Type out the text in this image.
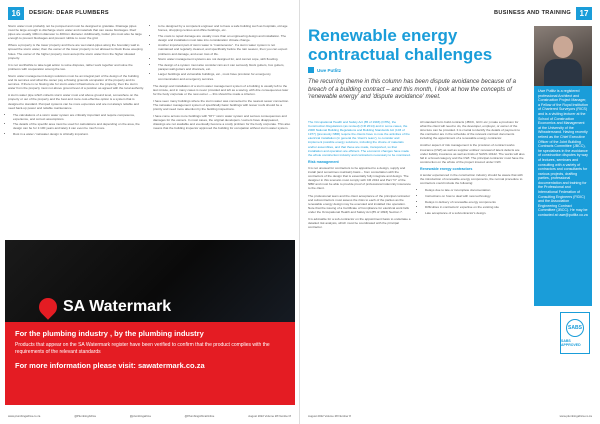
16	DESIGN: DEAR PLUMBERS

Storm water must probably not be pumped and must be designed to gravitate. Drainage pipes must be large enough to discharge storm water and materials that can cause blockages. Roof pipes are usually 100mm diameter to 400mm diameter. Additionally, Gutter pits must also be large enough to prevent blockages and prevent rubble to cover the grid.

Where a property is the lower property and there are wet stand-pipes along the boundary wall to spread the storm water, then the owner of the lower property is not allowed to block these weeping holes. The owner of the higher property must accept the storm water from the higher situated property.

It is not worthwhile to take legal action to solve disputes, rather work together and solve the problems with cooperation among the two.

Storm water management design solutions must be an integral part of the design of the building and its services and what the owner pay a flowing grounds occupation of the property and its services. If there is no flowing site for storm water infrastructure on the property, then the storm water from the property must not above ground level of a position as agreed with the local authority.

A storm water pipe which collects storm water must end above ground level, somewhere on the property or out of the property and the best and more cost-effective option is a system that is designed to standard. Pumped systems can be more expensive and are not always reliable and need back-up power and reliable maintenance.

• The calculations of a storm water system are critically important and require competence, experience, and correct assumptions.
• The details of the specific area must be used for calculations and depending on the area, the design can be for 1:100 years and lately it can even be much more.
• Rust in a water / rainwater design is critically important.
• to be designed by a competent engineer and to have a safe building such as hospitals, old age homes, shopping centres and office buildings, etc.
• The costs to repair damage are usually more than an engineering design and installation. The design and installation must take into consideration climate change.
• Another important part of storm water is "maintenance". If a storm water system is not maintained and regularly cleaned, and specifically before the rain season, then you can expect problems and damage, and even loss of life.
• Storm water management systems are not designed for, and cannot cope, with flooding.
• The design of a system must also consider rain as it can seriously block gutters, box gutters, parapet wall gutters and channels, etc.
• Larger buildings and vulnerable buildings, etc., must have provision for emergency communication and emergency services.

The design and installation of a storm water management system of a building is usually left to the last minute, and in many cases is never provided and left as a saving, with dire consequences later for the body corporate or the new owner — this should be made a criterion.

I have seen many buildings where the storm water was connected to the nearest sewer connection. The rainwater management system of specifically basic buildings with lesser roofs should be a priority and need more attention by the building inspections.

I have come across more buildings with "DIY" storm water system and serious consequences and damages for the owners. In most cases, the original developers / owners have disappeared, drawings are not available and eventually become a costly problem for the body corporate. This also means that the building inspector approved the building for occupation without storm water system.

SA Watermark
For the plumbing industry , by the plumbing industry
Products that appear on the SA Watermark register have been verified to confirm that the product complies with the requirements of the relevant standards
For more information please visit: sawatermark.co.za
www.plumbingafrica.co.za	@PlumbingAfrica	@plumbingafrica	@PlumbingAfricaOnline	August 2022 Volume 28 Number 8
BUSINESS AND TRAINING	17
Renewable energy contractual challenges
Uwe Putlitz
The recurring theme in this column has been dispute avoidance because of a breach of a building contract – and this month, I look at how the concepts of 'renewable energy' and 'dispute avoidance' meet.

The Occupational Health and Safety Act (85 of 1993) (OHS), the Construction Regulations (as revised) (CR 2014) and in some cases, the 2008 National Building Regulations and Building Standards Act (103 of 1977) (previously NBR) require the clients have to note the activities of the electrical installation (in general the 'client's team'), to consider and implement possible energy solutions, including the choice of materials and/or assemblies, and that these are made, transported, so that installation and operation are efficient. The economic changes have made the whole construction industry and contractors necessary to be monitored.

Risk management

It is not unusual for contractors to be appointed to a design, supply and install (and sometimes maintain) basis – from consultation with the contractors of the design that is essentially fully integrate and design. The designer in this scenario must comply with CR 2014 and Part "O" of the NBR and must be able to provide proof of professional indemnity insurance to the client.

The professional team and the client acceptance of the principal contractor and subcontractors must assess the risks to each of the parties as the renewable energy design may be executed and installed into operation. Note that the issuing of a Certificate of Compliance for electrical work falls under the Occupational Health and Safety Act (85 of 1993) Section 7.

It is advisable for a sub-contractor on the appointment basis to undertake a detailed risk analysis, which must be coordinated with the principal contractor.

All standard form build contracts (JBCC, GCC etc.) make a provision for what the client will need to do, the developer, employer, or owner of the structure can be provided. It is crucial to identify the details of payment to the contractor are in the schedule of the relevant contract documents including the appointment of a renewable energy contractor.

Another aspect of risk management is the provision of contract works insurance (CWI) as well as supplier entities' renewal of latent defects are under liability insurance as well as limits of SANS 10142. The works will also fall in a broad category and the CWI. The principal contractor must have the construction on the whole of the project insured under CWI.

Renewable energy contractors

A tender experienced in the construction industry should be aware that with the introduction of renewable energy components, the normal procedure to contractors could include the following:

• Delays due to late or incomplete documentation
• Instructions on how to deal with new technology
• Delays in delivery of renewable energy components
• Difficulties in contractors' expertise on the existing site
• Late acceptance of a subcontractor's design.
Uwe Putlitz is a registered professional Architect and Construction Project Manager, a Fellow of the Royal Institution of Chartered Surveyors (RICS) and is a visiting lecturer at the School of Construction Economics and Management at the University of the Witwatersrand. Having recently retired as the Chief Executive Officer of the Joint Building Contracts Committee (JBCC), he specialises in the avoidance of construction disputes by way of lectures, seminars and consulting with a variety of contractors and consultants for various projects, drafting parties, professional documentation and training for the Professional and International Federation of Consulting Engineers (FIDIC) and the Association Engineering Contract Committee (JBCC). He may be contacted at uwe@putlitz.co.za
SABS
SABS APPROVED
August 2022 Volume 28 Number 8	www.plumbingafrica.co.za
